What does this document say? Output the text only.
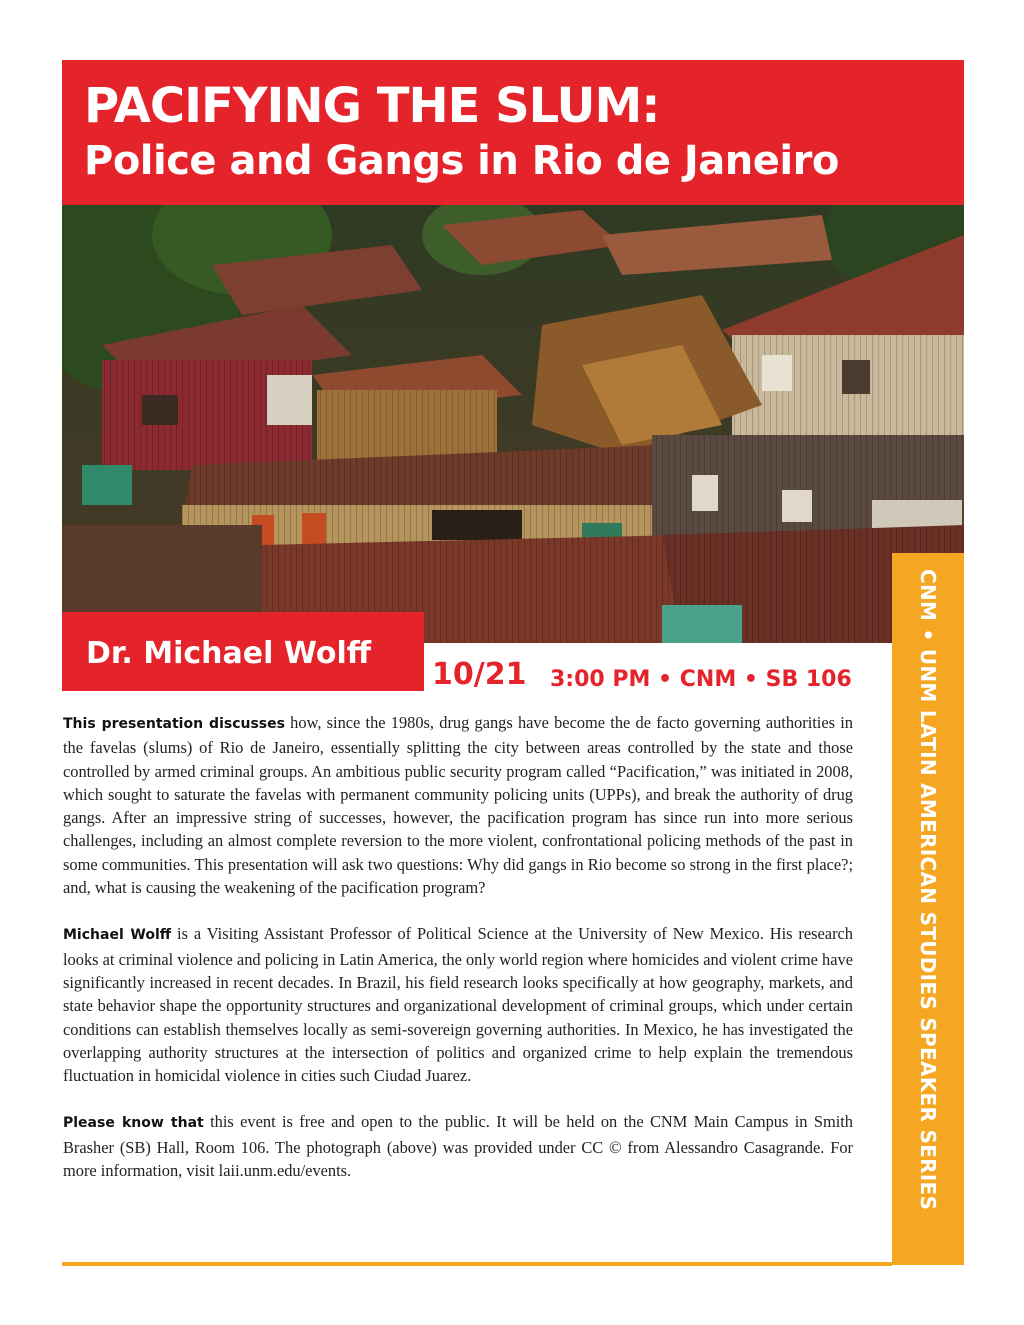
PACIFYING THE SLUM:
Police and Gangs in Rio de Janeiro
Dr. Michael Wolff
10/21 3:00 PM • CNM • SB 106	CNM • UNM LATIN AMERICAN STUDIES SPEAKER SERIES

This presentation discusses how, since the 1980s, drug gangs have become the de facto governing authorities in the favelas (slums) of Rio de Janeiro, essentially splitting the city between areas controlled by the state and those controlled by armed criminal groups. An ambitious public security program called “Pacification,” was initiated in 2008, which sought to saturate the favelas with permanent community policing units (UPPs), and break the authority of drug gangs. After an impressive string of successes, however, the pacification program has since run into more serious challenges, including an almost complete reversion to the more violent, confrontational policing methods of the past in some communities. This presentation will ask two questions: Why did gangs in Rio become so strong in the first place?; and, what is causing the weakening of the pacification program?

Michael Wolff is a Visiting Assistant Professor of Political Science at the University of New Mexico. His research looks at criminal violence and policing in Latin America, the only world region where homicides and violent crime have significantly increased in recent decades. In Brazil, his field research looks specifically at how geography, markets, and state behavior shape the opportunity structures and organizational development of criminal groups, which under certain conditions can establish themselves locally as semi-sovereign governing authorities. In Mexico, he has investigated the overlapping authority structures at the intersection of politics and organized crime to help explain the tremendous fluctuation in homicidal violence in cities such Ciudad Juarez.

Please know that this event is free and open to the public. It will be held on the CNM Main Campus in Smith Brasher (SB) Hall, Room 106. The photograph (above) was provided under CC © from Alessandro Casagrande. For more information, visit laii.unm.edu/events.
